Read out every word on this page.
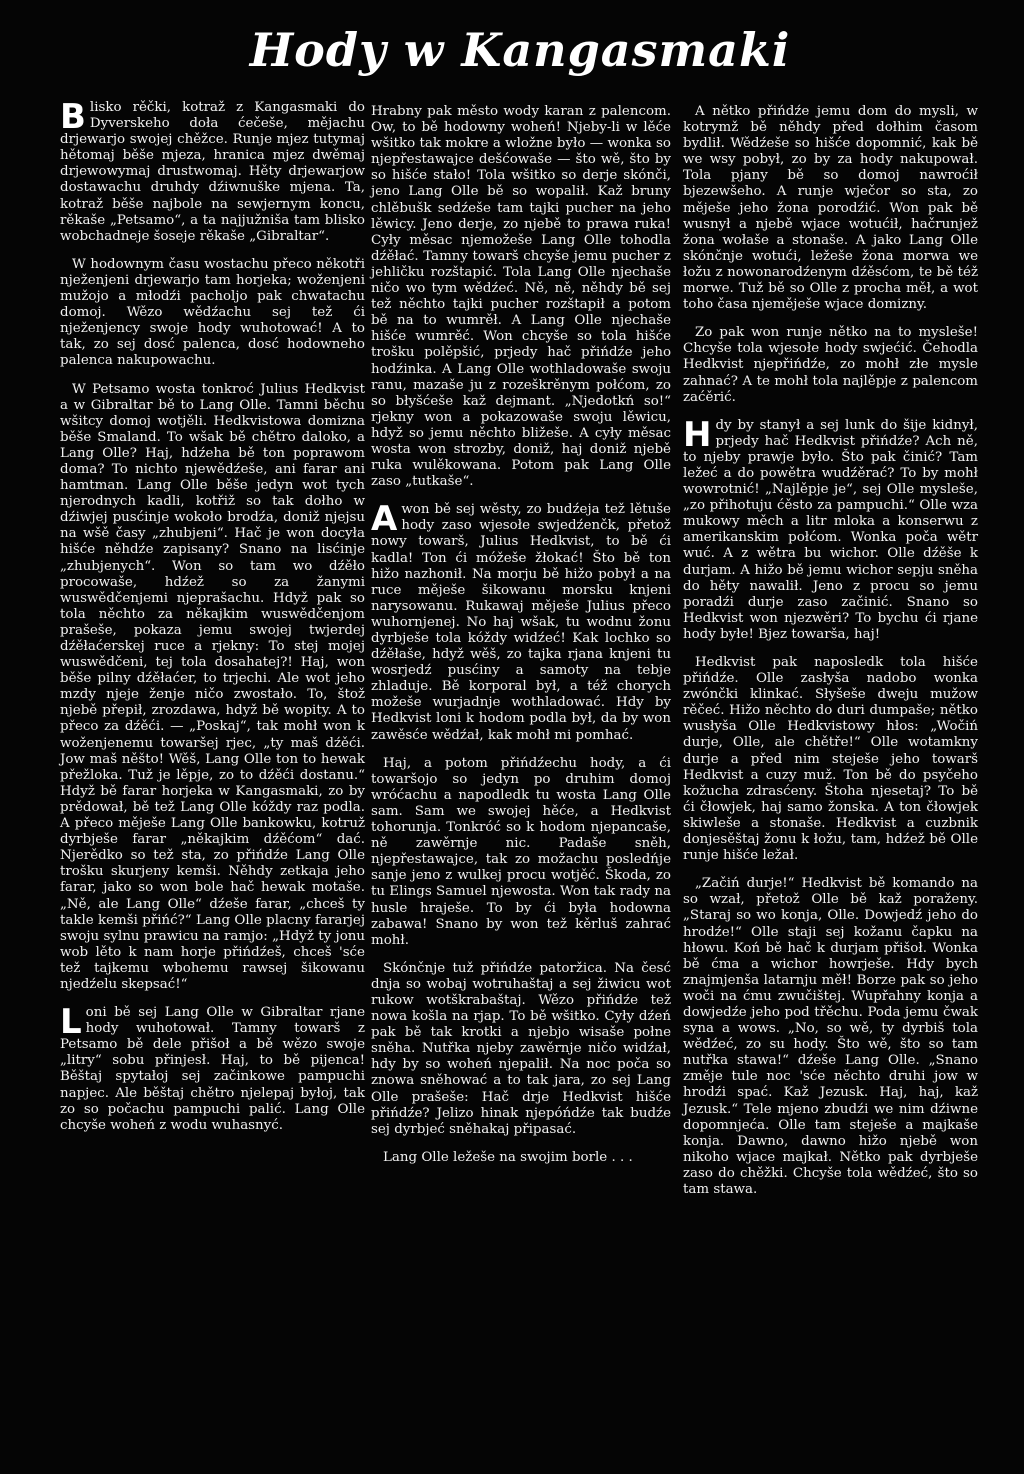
Hody w Kangasmaki

Blisko rěčki, kotraž z Kangasmaki do Dyverskeho doła ćečeše, mějachu drjewarjo swojej chěžce. Runje mjez tutymaj hětomaj běše mjeza, hranica mjez dwěmaj drjewowymaj drustwomaj. Hěty drjewarjow dostawachu druhdy dźiwnuške mjena. Ta, kotraž běše najbole na sewjernym koncu, rěkaše „Petsamo“, a ta najjužniša tam blisko wobchadneje šoseje rěkaše „Gibraltar“.

W hodownym času wostachu přeco někotři nježenjeni drjewarjo tam horjeka; woženjeni mužojo a młodźi pacholjo pak chwatachu domoj. Wězo wědźachu sej tež ći nježenjency swoje hody wuhotować! A to tak, zo sej dosć palenca, dosć hodowneho palenca nakupowachu.

W Petsamo wosta tonkroć Julius Hedkvist a w Gibraltar bě to Lang Olle. Tamni běchu wšitcy domoj wotjěli. Hedkvistowa domizna běše Smaland. To wšak bě chětro daloko, a Lang Olle? Haj, hdźeha bě ton poprawom doma? To nichto njewědźeše, ani farar ani hamtman. Lang Olle běše jedyn wot tych njerodnych kadli, kotřiž so tak dołho w dźiwjej pusćinje wokoło brodźa, doniž njejsu na wšě časy „zhubjeni“. Hač je won docyła hišće něhdźe zapisany? Snano na lisćinje „zhubjenych“. Won so tam wo dźěło procowaše, hdźež so za žanymi wuswědčenjemi njeprašachu. Hdyž pak so tola něchto za někajkim wuswědčenjom prašeše, pokaza jemu swojej twjerdej dźěłaćerskej ruce a rjekny: To stej mojej wuswědčeni, tej tola dosahatej?! Haj, won běše pilny dźěłaćer, to trjechi. Ale wot jeho mzdy njeje ženje ničo zwostało. To, štož njebě přepił, zrozdawa, hdyž bě wopity. A to přeco za dźěći. — „Poskaj“, tak mohł won k woženjenemu towaršej rjec, „ty maš dźěći. Jow maš něšto! Wěš, Lang Olle ton to hewak přežloka. Tuž je lěpje, zo to dźěći dostanu.“ Hdyž bě farar horjeka w Kangasmaki, zo by prědował, bě tež Lang Olle kóždy raz podla. A přeco měješe Lang Olle bankowku, kotruž dyrbješe farar „někajkim dźěćom“ dać. Njerědko so tež sta, zo přińdźe Lang Olle trošku skurjeny kemši. Něhdy zetkaja jeho farar, jako so won bole hač hewak motaše. „Ně, ale Lang Olle“ dźeše farar, „chceš ty takle kemši přińć?“ Lang Olle placny fararjej swoju sylnu prawicu na ramjo: „Hdyž ty jonu wob lěto k nam horje přińdźeš, chceš 'sće tež tajkemu wbohemu rawsej šikowanu njedźelu skepsać!“

Loni bě sej Lang Olle w Gibraltar rjane hody wuhotował. Tamny towarš z Petsamo bě dele přišoł a bě wězo swoje „litry“ sobu přinjesł. Haj, to bě pijenca! Běštaj spytałoj sej začinkowe pampuchi napjec. Ale běštaj chětro njelepaj byłoj, tak zo so počachu pampuchi palić. Lang Olle chcyše woheń z wodu wuhasnyć.

Hrabny pak město wody karan z palencom. Ow, to bě hodowny woheń! Njeby-li w lěće wšitko tak mokre a wložne było — wonka so njepřestawajce dešćowaše — što wě, što by so hišće stało! Tola wšitko so derje skónči, jeno Lang Olle bě so wopalił. Kaž bruny chlěbušk sedźeše tam tajki pucher na jeho lěwicy. Jeno derje, zo njebě to prawa ruka! Cyły měsac njemožeše Lang Olle tohodla dźěłać. Tamny towarš chcyše jemu pucher z jehličku rozštapić. Tola Lang Olle njechaše ničo wo tym wědźeć. Ně, ně, něhdy bě sej tež něchto tajki pucher rozštapił a potom bě na to wumrěł. A Lang Olle njechaše hišće wumrěć. Won chcyše so tola hišće trošku polěpšić, prjedy hač přińdźe jeho hodźinka. A Lang Olle wothladowaše swoju ranu, mazaše ju z rozeškrěnym połćom, zo so błyšćeše kaž dejmant. „Njedotkń so!“ rjekny won a pokazowaše swoju lěwicu, hdyž so jemu něchto bližeše. A cyły měsac wosta won strozby, doniž, haj doniž njebě ruka wulěkowana. Potom pak Lang Olle zaso „tutkaše“.

Awon bě sej wěsty, zo budźeja tež lětuše hody zaso wjesołe swjedźenčk, přetož nowy towarš, Julius Hedkvist, to bě ći kadla! Ton ći móžeše žłokać! Što bě ton hižo nazhonił. Na morju bě hižo pobył a na ruce měješe šikowanu morsku knjeni narysowanu. Rukawaj měješe Julius přeco wuhornjenej. No haj wšak, tu wodnu žonu dyrbješe tola kóždy widźeć! Kak lochko so dźěłaše, hdyž wěš, zo tajka rjana knjeni tu wosrjedź pusćiny a samoty na tebje zhladuje. Bě korporal był, a též chorych možeše wurjadnje wothladować. Hdy by Hedkvist loni k hodom podla był, da by won zawěsće wědźał, kak mohł mi pomhać.

Haj, a potom přińdźechu hody, a ći towaršojo so jedyn po druhim domoj wróćachu a napodledk tu wosta Lang Olle sam. Sam we swojej hěće, a Hedkvist tohorunja. Tonkróć so k hodom njepancaše, ně zawěrnje nic. Padaše sněh, njepřestawajce, tak zo možachu posledńje sanje jeno z wulkej procu wotjěć. Škoda, zo tu Elings Samuel njewosta. Won tak rady na husle hraješe. To by ći była hodowna zabawa! Snano by won tež kěrluš zahrać mohł.

Skónčnje tuž přińdźe patoržica. Na česć dnja so wobaj wotruhaštaj a sej žiwicu wot rukow wotškrabaštaj. Wězo přińdźe tež nowa košla na rjap. To bě wšitko. Cyły dźeń pak bě tak krotki a njebjo wisaše połne sněha. Nutřka njeby zawěrnje ničo widźał, hdy by so woheń njepalił. Na noc poča so znowa sněhować a to tak jara, zo sej Lang Olle prašeše: Hač drje Hedkvist hišće přińdźe? Jelizo hinak njepóńdźe tak budźe sej dyrbjeć sněhakaj připasać.

Lang Olle ležeše na swojim borle . . .

A nětko přińdźe jemu dom do mysli, w kotrymž bě něhdy před dołhim časom bydlił. Wědźeše so hišće dopomnić, kak bě we wsy pobył, zo by za hody nakupował. Tola pjany bě so domoj nawroćił bjezewšeho. A runje wječor so sta, zo měješe jeho žona porodźić. Won pak bě wusnył a njebě wjace wotućił, hačrunjež žona wołaše a stonaše. A jako Lang Olle skónčnje wotući, ležeše žona morwa we łožu z nowonarodźenym dźěsćom, te bě též morwe. Tuž bě so Olle z procha měł, a wot toho časa njeměješe wjace domizny.

Zo pak won runje nětko na to myslеše! Chcyše tola wjesołe hody swjećić. Čehodla Hedkvist njepřińdźe, zo mohł złe mysle zahnać? A te mohł tola najlěpje z palencom zaćěrić.

Hdy by stanył a sej lunk do šije kidnył, prjedy hač Hedkvist přińdźe? Ach ně, to njeby prawje było. Što pak činić? Tam ležeć a do powětra wudźěrać? To by mohł wowrotnić! „Najlěpje je“, sej Olle myslеše, „zo přihotuju ćěsto za pampuchi.“ Olle wza mukowy měch a litr mloka a konserwu z amerikanskim połćom. Wonka poča wětr wuć. A z wětra bu wichor. Olle dźěše k durjam. A hižo bě jemu wichor sepju sněha do hěty nawalił. Jeno z procu so jemu poradźi durje zaso začinić. Snano so Hedkvist won njezwěri? To bychu ći rjane hody byłe! Bjez towarša, haj!

Hedkvist pak naposledk tola hišće přińdźe. Olle zasłyša nadobo wonka zwónčki klinkać. Słyšeše dweju mužow rěčeć. Hižo něchto do duri dumpaše; nětko wusłyša Olle Hedkvistowy hłos: „Wočiń durje, Olle, ale chětře!“ Olle wotamkny durje a před nim steješe jeho towarš Hedkvist a cuzy muž. Ton bě do psyčeho kožucha zdrasćeny. Štoha njesetaj? To bě ći čłowjek, haj samo žonska. A ton čłowjek skiwleše a stonaše. Hedkvist a cuzbnik donjesěštaj žonu k łožu, tam, hdźež bě Olle runje hišće ležał.

„Začiń durje!“ Hedkvist bě komando na so wzał, přetož Olle bě kaž poraženy. „Staraj so wo konja, Olle. Dowjedź jeho do hrodźe!“ Olle staji sej kožanu čapku na hłowu. Koń bě hač k durjam přišoł. Wonka bě ćma a wichor howrješe. Hdy bych znajmjenša latarnju měł! Borze pak so jeho woči na ćmu zwučištej. Wupřahny konja a dowjedźe jeho pod třěchu. Poda jemu čwak syna a wows. „No, so wě, ty dyrbiš tola wědźeć, zo su hody. Što wě, što so tam nutřka stawa!“ dźeše Lang Olle. „Snano změje tule noc 'sće něchto druhi jow w hrodźi spać. Kaž Jezusk. Haj, haj, kaž Jezusk.“ Tele mjeno zbudźi we nim dźiwne dopomnjeća. Olle tam steješe a majkaše konja. Dawno, dawno hižo njebě won nikoho wjace majkał. Nětko pak dyrbješe zaso do chěžki. Chcyše tola wědźeć, što so tam stawa.
